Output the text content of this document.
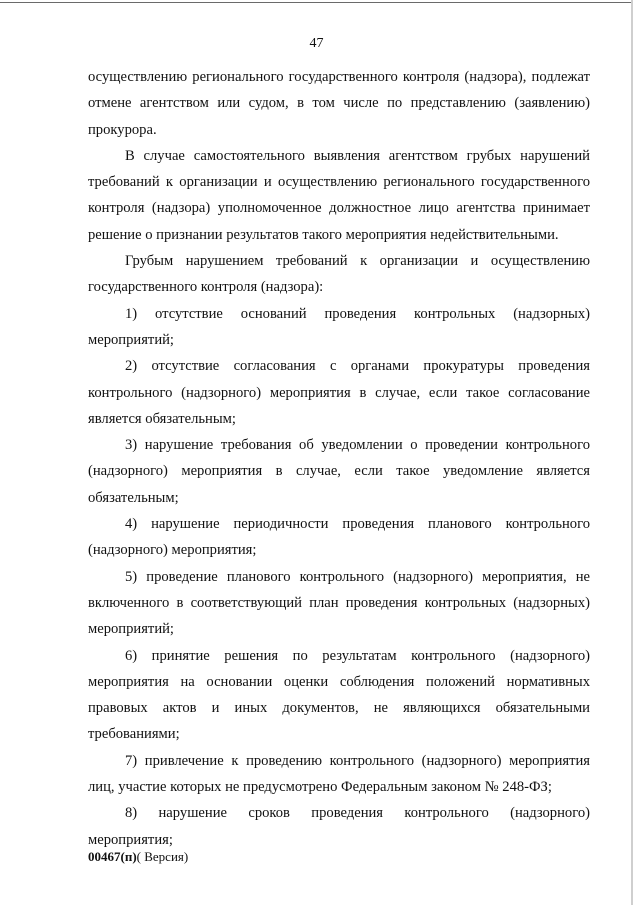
47

осуществлению регионального государственного контроля (надзора), подлежат отмене агентством или судом, в том числе по представлению (заявлению) прокурора.

В случае самостоятельного выявления агентством грубых нарушений требований к организации и осуществлению регионального государственного контроля (надзора) уполномоченное должностное лицо агентства принимает решение о признании результатов такого мероприятия недействительными.

Грубым нарушением требований к организации и осуществлению государственного контроля (надзора):

1) отсутствие оснований проведения контрольных (надзорных) мероприятий;

2) отсутствие согласования с органами прокуратуры проведения контрольного (надзорного) мероприятия в случае, если такое согласование является обязательным;

3) нарушение требования об уведомлении о проведении контрольного (надзорного) мероприятия в случае, если такое уведомление является обязательным;

4) нарушение периодичности проведения планового контрольного (надзорного) мероприятия;

5) проведение планового контрольного (надзорного) мероприятия, не включенного в соответствующий план проведения контрольных (надзорных) мероприятий;

6) принятие решения по результатам контрольного (надзорного) мероприятия на основании оценки соблюдения положений нормативных правовых актов и иных документов, не являющихся обязательными требованиями;

7) привлечение к проведению контрольного (надзорного) мероприятия лиц, участие которых не предусмотрено Федеральным законом № 248-ФЗ;

8) нарушение сроков проведения контрольного (надзорного) мероприятия;

00467(п)( Версия)
